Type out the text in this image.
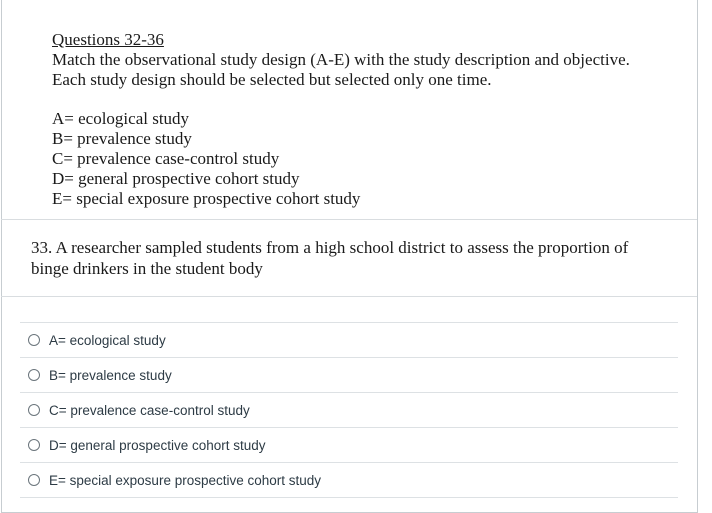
Questions 32-36
Match the observational study design (A-E) with the study description and objective.
Each study design should be selected but selected only one time.
A= ecological study
B= prevalence study
C= prevalence case-control study
D= general prospective cohort study
E= special exposure prospective cohort study
33. A researcher sampled students from a high school district to assess the proportion of
binge drinkers in the student body
A= ecological study
B= prevalence study
C= prevalence case-control study
D= general prospective cohort study
E= special exposure prospective cohort study
